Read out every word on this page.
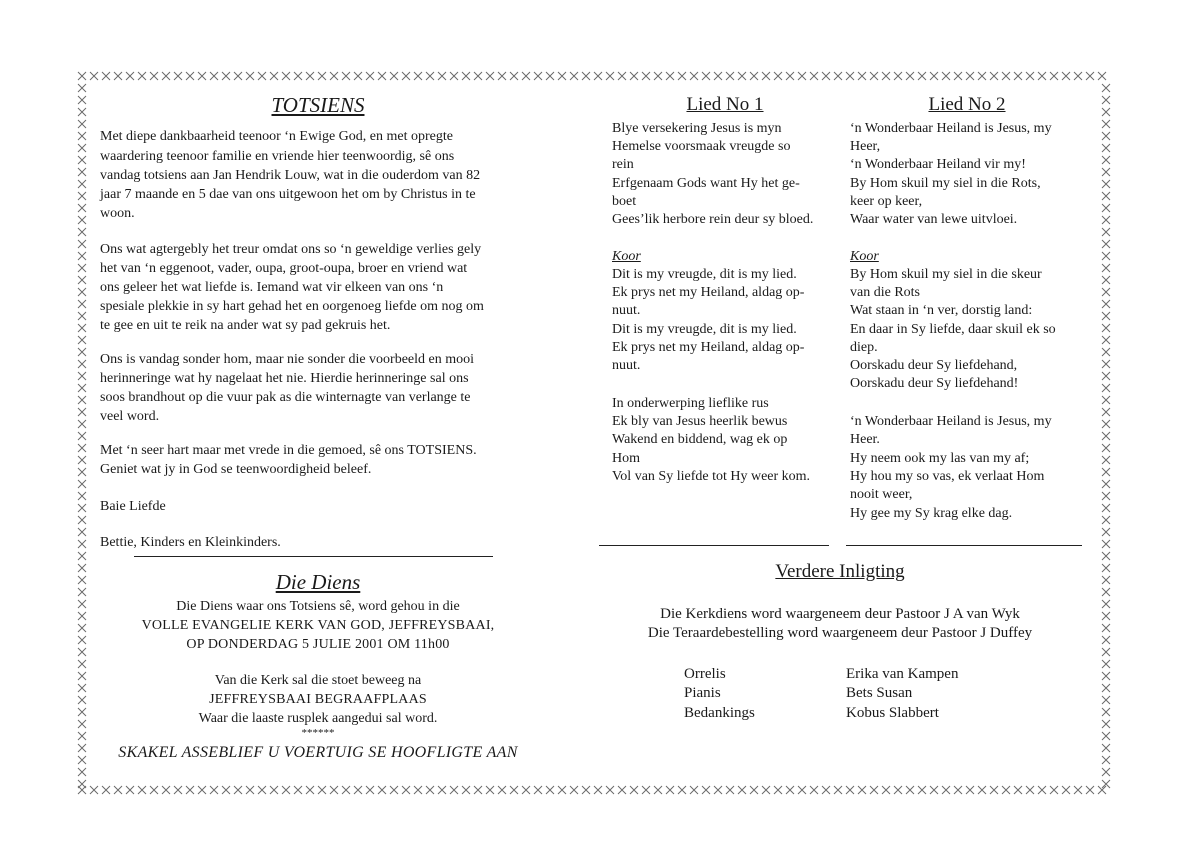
TOTSIENS
Met diepe dankbaarheid teenoor ‘n Ewige God, en met opregte
waardering teenoor familie en vriende hier teenwoordig, sê ons
vandag totsiens aan Jan Hendrik Louw, wat in die ouderdom van 82
jaar 7 maande en 5 dae van ons uitgewoon het om by Christus in te
woon.
Ons wat agtergebly het treur omdat ons so ‘n geweldige verlies gely
het van ‘n eggenoot, vader, oupa, groot-oupa, broer en vriend wat
ons geleer het wat liefde is. Iemand wat vir elkeen van ons ‘n
spesiale plekkie in sy hart gehad het en oorgenoeg liefde om nog om
te gee en uit te reik na ander wat sy pad gekruis het.
Ons is vandag sonder hom, maar nie sonder die voorbeeld en mooi
herinneringe wat hy nagelaat het nie. Hierdie herinneringe sal ons
soos brandhout op die vuur pak as die winternagte van verlange te
veel word.
Met ‘n seer hart maar met vrede in die gemoed, sê ons TOTSIENS.
Geniet wat jy in God se teenwoordigheid beleef.
Baie Liefde
Bettie, Kinders en Kleinkinders.
Die Diens
Die Diens waar ons Totsiens sê, word gehou in die
VOLLE EVANGELIE KERK VAN GOD, JEFFREYSBAAI,
OP DONDERDAG 5 JULIE 2001 OM 11h00
Van die Kerk sal die stoet beweeg na
JEFFREYSBAAI BEGRAAFPLAAS
Waar die laaste rusplek aangedui sal word.
******
SKAKEL ASSEBLIEF U VOERTUIG SE HOOFLIGTE AAN
Lied No 1
Blye versekering Jesus is myn
Hemelse voorsmaak vreugde so
rein
Erfgenaam Gods want Hy het ge-
boet
Gees’lik herbore rein deur sy bloed.
Koor
Dit is my vreugde, dit is my lied.
Ek prys net my Heiland, aldag op-
nuut.
Dit is my vreugde, dit is my lied.
Ek prys net my Heiland, aldag op-
nuut.
In onderwerping lieflike rus
Ek bly van Jesus heerlik bewus
Wakend en biddend, wag ek op
Hom
Vol van Sy liefde tot Hy weer kom.
Lied No 2
‘n Wonderbaar Heiland is Jesus, my
Heer,
‘n Wonderbaar Heiland vir my!
By Hom skuil my siel in die Rots,
keer op keer,
Waar water van lewe uitvloei.
Koor
By Hom skuil my siel in die skeur
van die Rots
Wat staan in ‘n ver, dorstig land:
En daar in Sy liefde, daar skuil ek so
diep.
Oorskadu deur Sy liefdehand,
Oorskadu deur Sy liefdehand!
‘n Wonderbaar Heiland is Jesus, my
Heer.
Hy neem ook my las van my af;
Hy hou my so vas, ek verlaat Hom
nooit weer,
Hy gee my Sy krag elke dag.
Verdere Inligting
Die Kerkdiens word waargeneem deur Pastoor J A van Wyk
Die Teraardebestelling word waargeneem deur Pastoor J Duffey
Orrelis
Pianis
Bedankings
Erika van Kampen
Bets Susan
Kobus Slabbert
